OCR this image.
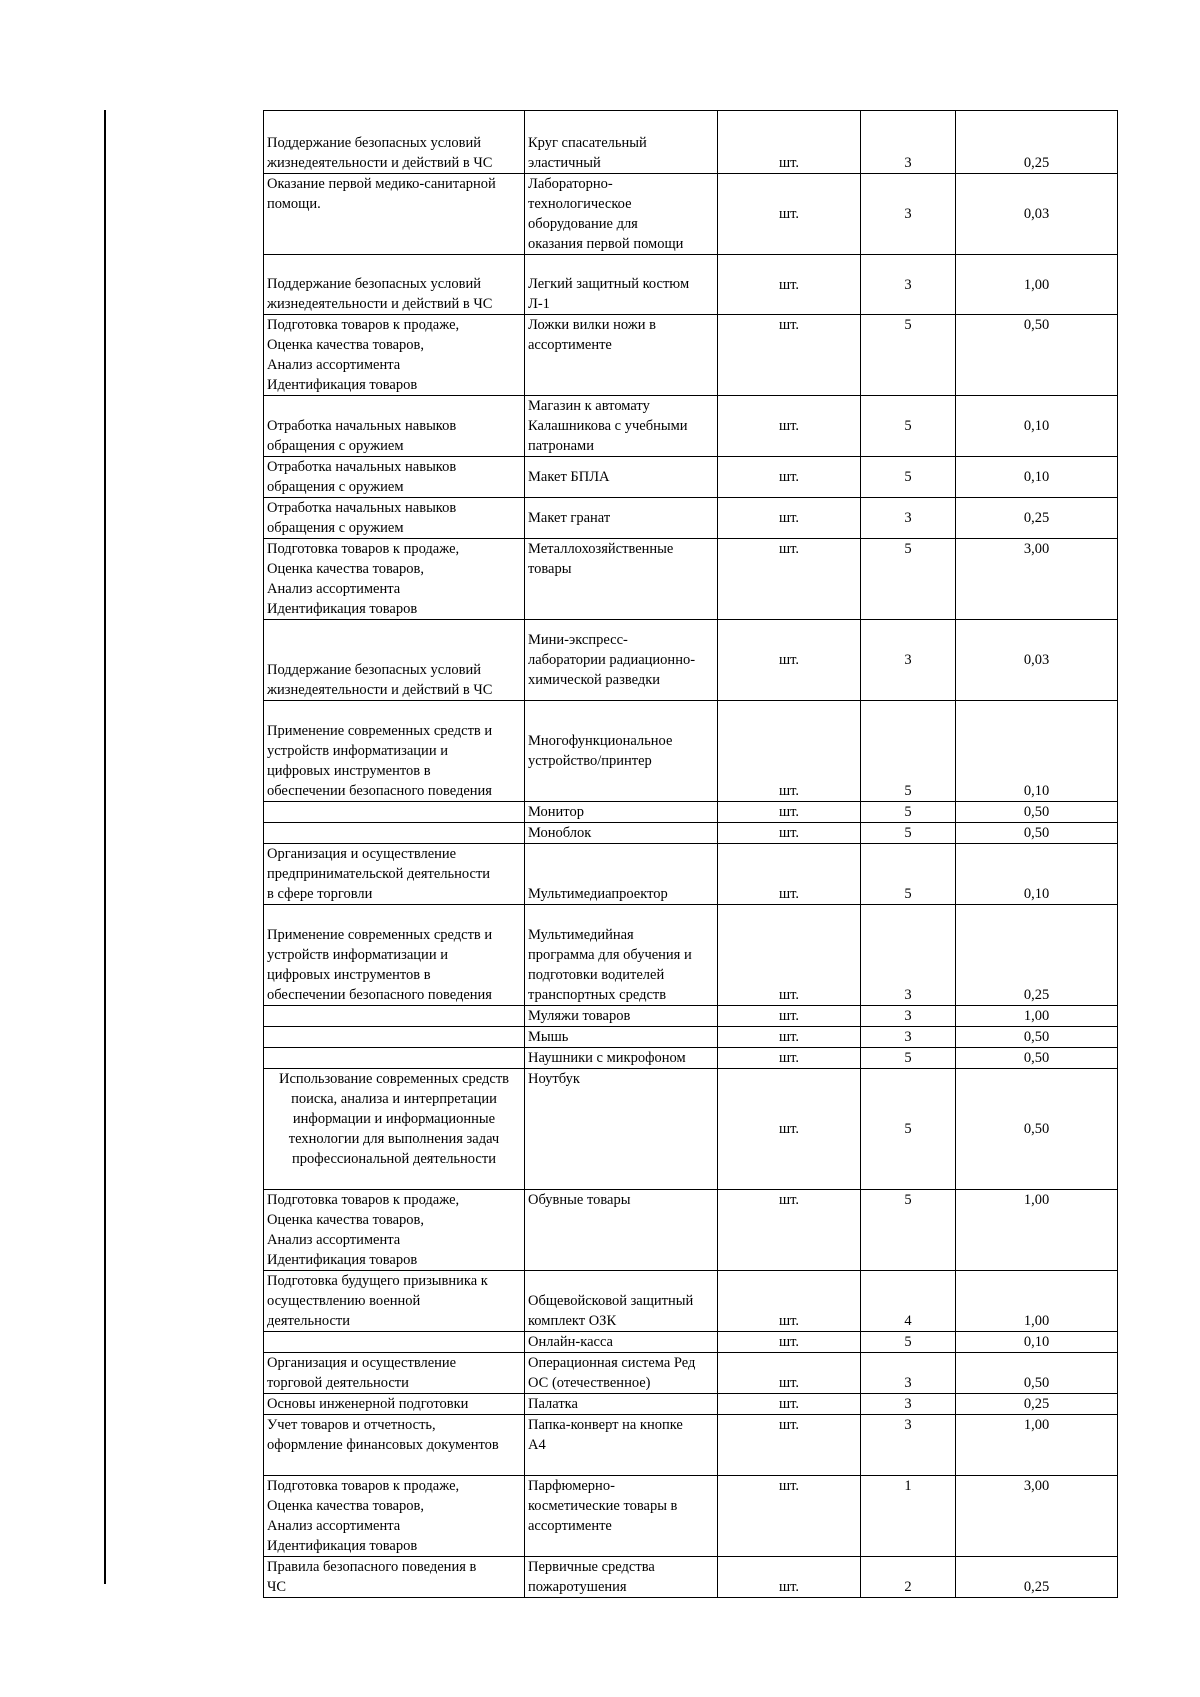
Поддержание безопасных условий
жизнедеятельности и действий в ЧС	Круг спасательный
эластичный	шт.	3	0,25
Оказание первой медико-санитарной
помощи.	Лабораторно-
технологическое
оборудование для
оказания первой помощи	шт.	3	0,03
Поддержание безопасных условий
жизнедеятельности и действий в ЧС	Легкий защитный костюм
Л-1	шт.	3	1,00
Подготовка товаров к продаже,
Оценка качества товаров,
Анализ ассортимента
Идентификация товаров	Ложки вилки ножи в
ассортименте	шт.	5	0,50
Отработка начальных навыков
обращения с оружием	Магазин к автомату
Калашникова с учебными
патронами	шт.	5	0,10
Отработка начальных навыков
обращения с оружием	Макет БПЛА	шт.	5	0,10
Отработка начальных навыков
обращения с оружием	Макет гранат	шт.	3	0,25
Подготовка товаров к продаже,
Оценка качества товаров,
Анализ ассортимента
Идентификация товаров	Металлохозяйственные
товары	шт.	5	3,00
Поддержание безопасных условий
жизнедеятельности и действий в ЧС	Мини-экспресс-
лаборатории радиационно-
химической разведки	шт.	3	0,03
Применение современных средств и
устройств информатизации и
цифровых инструментов в
обеспечении безопасного поведения	Многофункциональное
устройство/принтер	шт.	5	0,10
	Монитор	шт.	5	0,50
	Моноблок	шт.	5	0,50
Организация и осуществление
предпринимательской деятельности
в сфере торговли	Мультимедиапроектор	шт.	5	0,10
Применение современных средств и
устройств информатизации и
цифровых инструментов в
обеспечении безопасного поведения	Мультимедийная
программа для обучения и
подготовки водителей
транспортных средств	шт.	3	0,25
	Муляжи товаров	шт.	3	1,00
	Мышь	шт.	3	0,50
	Наушники с микрофоном	шт.	5	0,50
Использование современных средств
поиска, анализа и интерпретации
информации и информационные
технологии для выполнения задач
профессиональной деятельности	Ноутбук	шт.	5	0,50
Подготовка товаров к продаже,
Оценка качества товаров,
Анализ ассортимента
Идентификация товаров	Обувные товары	шт.	5	1,00
Подготовка будущего призывника к
осуществлению военной
деятельности	Общевойсковой защитный
комплект ОЗК	шт.	4	1,00
	Онлайн-касса	шт.	5	0,10
Организация и осуществление
торговой деятельности	Операционная система Ред
ОС (отечественное)	шт.	3	0,50
Основы инженерной подготовки	Палатка	шт.	3	0,25
Учет товаров и отчетность,
оформление финансовых документов	Папка-конверт на кнопке
А4	шт.	3	1,00
Подготовка товаров к продаже,
Оценка качества товаров,
Анализ ассортимента
Идентификация товаров	Парфюмерно-
косметические товары в
ассортименте	шт.	1	3,00
Правила безопасного поведения в
ЧС	Первичные средства
пожаротушения	шт.	2	0,25
